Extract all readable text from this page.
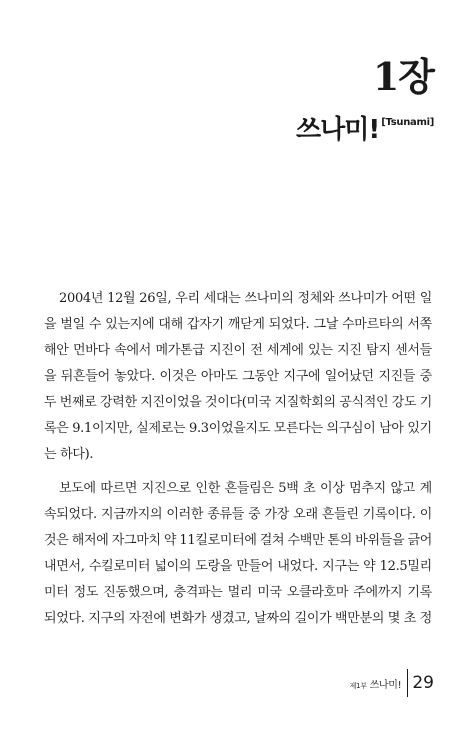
1장
쓰나미! [Tsunami]
2004년 12월 26일, 우리 세대는 쓰나미의 정체와 쓰나미가 어떤 일
을 벌일 수 있는지에 대해 갑자기 깨닫게 되었다. 그날 수마르타의 서쪽
해안 먼바다 속에서 메가톤급 지진이 전 세계에 있는 지진 탐지 센서들
을 뒤흔들어 놓았다. 이것은 아마도 그동안 지구에 일어났던 지진들 중
두 번째로 강력한 지진이었을 것이다(미국 지질학회의 공식적인 강도 기
록은 9.1이지만, 실제로는 9.3이었을지도 모른다는 의구심이 남아 있기
는 하다).
보도에 따르면 지진으로 인한 흔들림은 5백 초 이상 멈추지 않고 계
속되었다. 지금까지의 이러한 종류들 중 가장 오래 흔들린 기록이다. 이
것은 해저에 자그마치 약 11킬로미터에 걸쳐 수백만 톤의 바위들을 긁어
내면서, 수킬로미터 넓이의 도랑을 만들어 내었다. 지구는 약 12.5밀리
미터 정도 진동했으며, 충격파는 멀리 미국 오클라호마 주에까지 기록
되었다. 지구의 자전에 변화가 생겼고, 날짜의 길이가 백만분의 몇 초 정
제1부 쓰나미! 29
